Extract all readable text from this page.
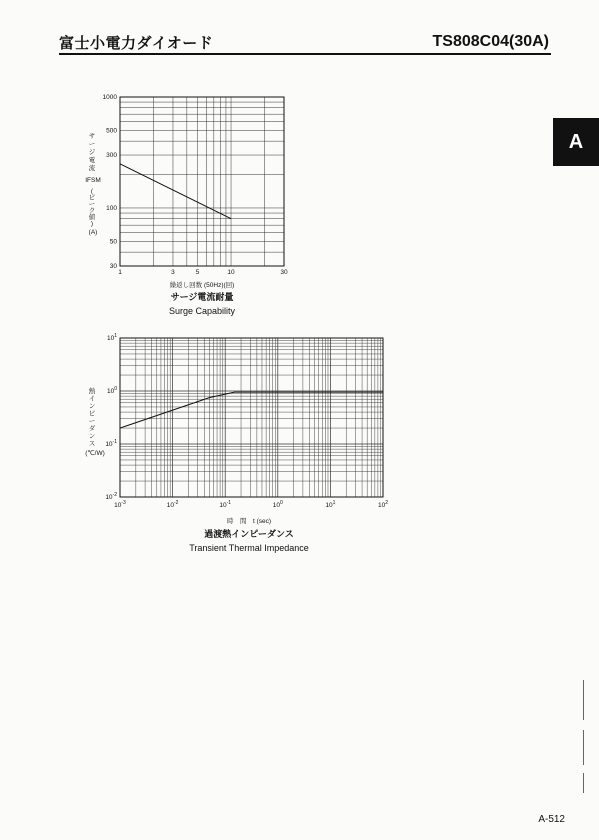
富士小電力ダイオード	TS808C04(30A)
A
30
50
100
300
500
1000
1	3	5	10	30
サ
ー
ジ
電
流
IFSM
(
ピ
ー
ク
値
)
(A)
繰返し回数 (50Hz)(回)
サージ電流耐量
Surge Capability
$10^{-2}$
$10^{-1}$
$10^0$
$10^1$
$10^{-3}$	$10^{-2}$	$10^{-1}$	$10^0$	$10^1$	$10^2$
熱
イ
ン
ピ
ー
ダ
ン
ス
(℃/W)
時　間　t (sec)
過渡熱インピーダンス
Transient Thermal Impedance
A-512
